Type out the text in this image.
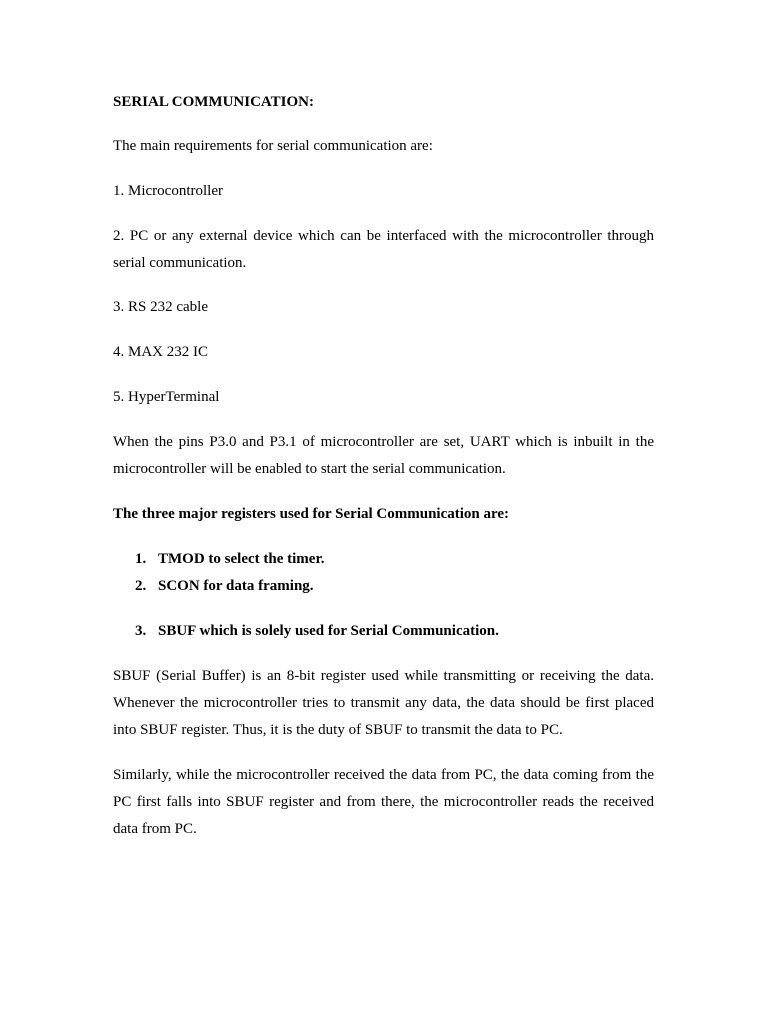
SERIAL COMMUNICATION:

The main requirements for serial communication are:

1. Microcontroller

2. PC or any external device which can be interfaced with the microcontroller through serial communication.

3. RS 232 cable

4. MAX 232 IC

5. HyperTerminal

When the pins P3.0 and P3.1 of microcontroller are set, UART which is inbuilt in the microcontroller will be enabled to start the serial communication.

The three major registers used for Serial Communication are:

1. TMOD to select the timer.
2. SCON for data framing.
3. SBUF which is solely used for Serial Communication.

SBUF (Serial Buffer) is an 8-bit register used while transmitting or receiving the data. Whenever the microcontroller tries to transmit any data, the data should be first placed into SBUF register. Thus, it is the duty of SBUF to transmit the data to PC.

Similarly, while the microcontroller received the data from PC, the data coming from the PC first falls into SBUF register and from there, the microcontroller reads the received data from PC.
